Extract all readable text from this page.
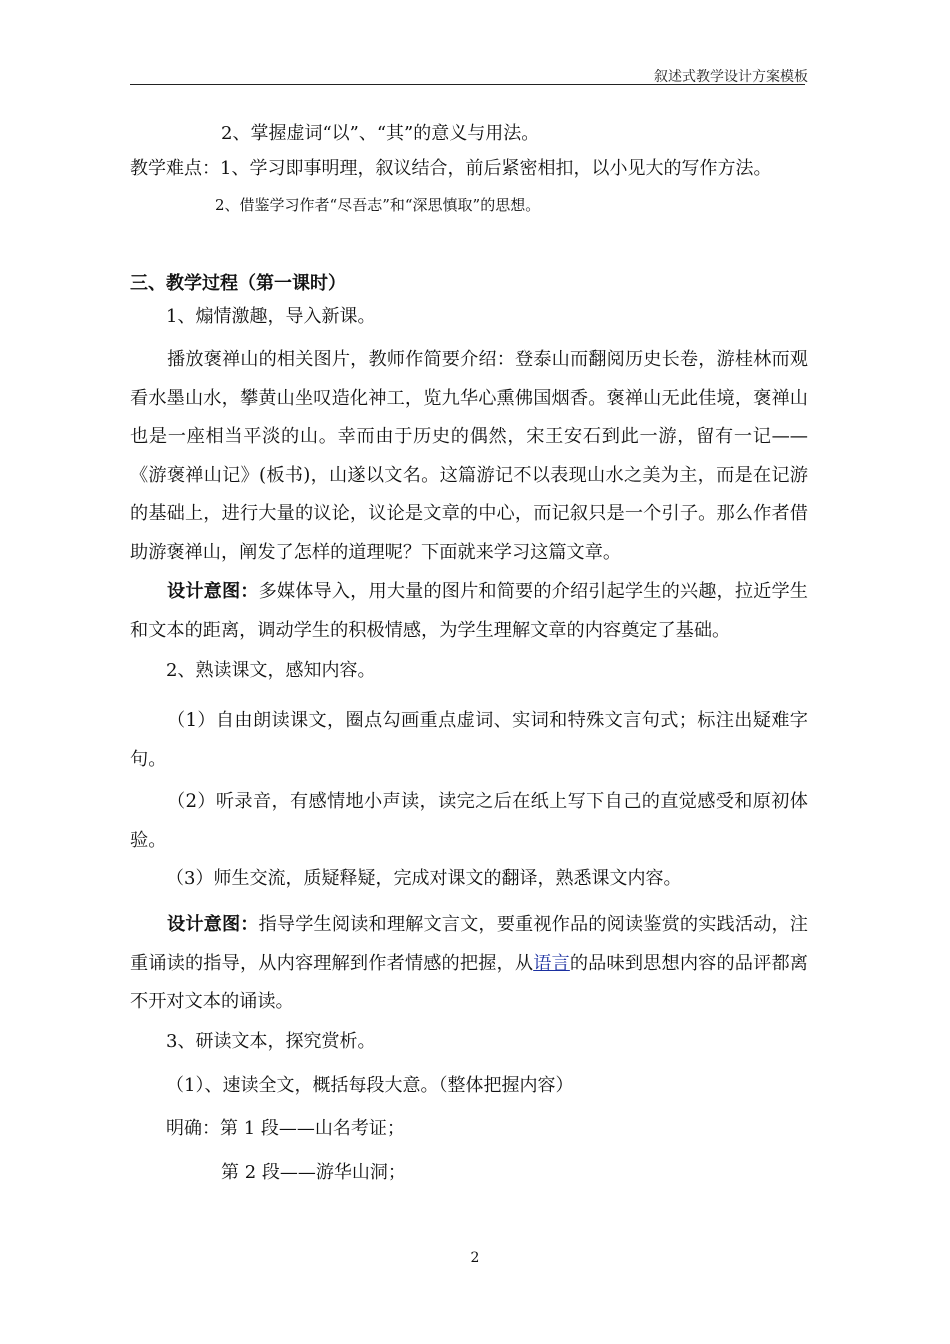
叙述式教学设计方案模板
2、掌握虚词“以”、“其”的意义与用法。
教学难点：1、学习即事明理，叙议结合，前后紧密相扣，以小见大的写作方法。
2、借鉴学习作者“尽吾志”和“深思慎取”的思想。
三、教学过程（第一课时）
1、煽情激趣，导入新课。
播放褒禅山的相关图片，教师作简要介绍：登泰山而翻阅历史长卷，游桂林而观看水墨山水，攀黄山坐叹造化神工，览九华心熏佛国烟香。褒禅山无此佳境，褒禅山也是一座相当平淡的山。幸而由于历史的偶然，宋王安石到此一游，留有一记——《游褒禅山记》(板书)，山遂以文名。这篇游记不以表现山水之美为主，而是在记游的基础上，进行大量的议论，议论是文章的中心，而记叙只是一个引子。那么作者借助游褒禅山，阐发了怎样的道理呢？下面就来学习这篇文章。
设计意图：多媒体导入，用大量的图片和简要的介绍引起学生的兴趣，拉近学生和文本的距离，调动学生的积极情感，为学生理解文章的内容奠定了基础。
2、熟读课文，感知内容。
（1）自由朗读课文，圈点勾画重点虚词、实词和特殊文言句式；标注出疑难字句。
（2）听录音，有感情地小声读，读完之后在纸上写下自己的直觉感受和原初体验。
（3）师生交流，质疑释疑，完成对课文的翻译，熟悉课文内容。
设计意图：指导学生阅读和理解文言文，要重视作品的阅读鉴赏的实践活动，注重诵读的指导，从内容理解到作者情感的把握，从语言的品味到思想内容的品评都离不开对文本的诵读。
3、研读文本，探究赏析。
（1）、速读全文，概括每段大意。（整体把握内容）
明确：第 1 段——山名考证；
第 2 段——游华山洞；
2
